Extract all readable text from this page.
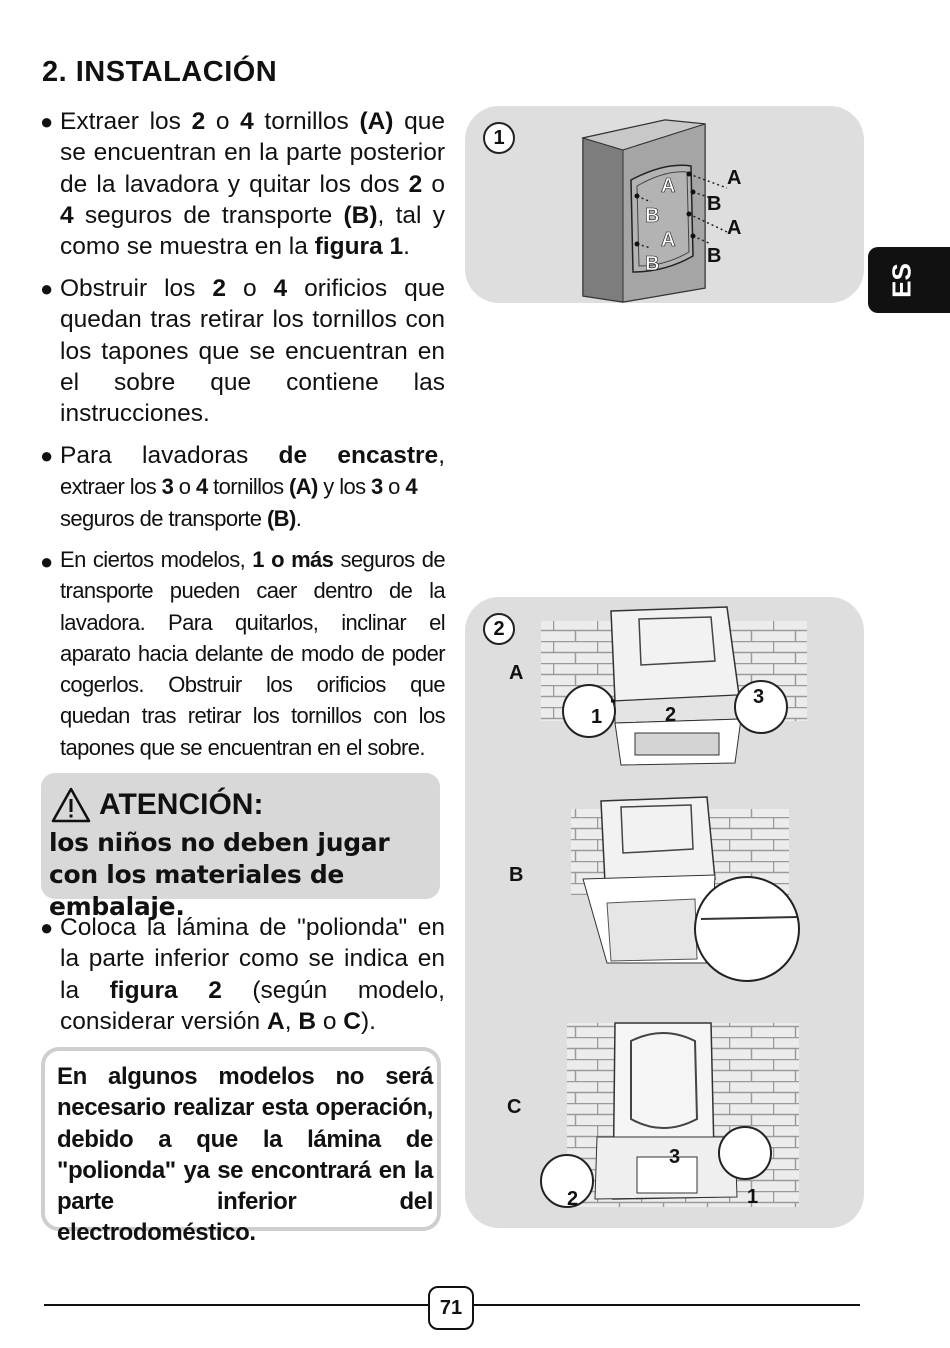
2. INSTALACIÓN
● Extraer los 2 o 4 tornillos (A) que se encuentran en la parte posterior de la lavadora y quitar los dos 2 o 4 seguros de transporte (B), tal y como se muestra en la figura 1.
● Obstruir los 2 o 4 orificios que quedan tras retirar los tornillos con los tapones que se encuentran en el sobre que contiene las instrucciones.
● Para lavadoras de encastre,
extraer los 3 o 4 tornillos (A) y los 3 o 4
seguros de transporte (B).
● En ciertos modelos, 1 o más seguros de transporte pueden caer dentro de la lavadora. Para quitarlos, inclinar el aparato hacia delante de modo de poder cogerlos. Obstruir los orificios que quedan tras retirar los tornillos con los tapones que se encuentran en el sobre.
ATENCIÓN:
los niños no deben jugar con los materiales de embalaje.
● Coloca la lámina de "polionda" en la parte inferior como se indica en la figura 2 (según modelo, considerar versión A, B o C).
En algunos modelos no será necesario realizar esta operación, debido a que la lámina de "polionda" ya se encontrará en la parte inferior del electrodoméstico.
1
A
B
A
B
A
B
A
B
2
A
1	2
3
B
C
3
2	1
ES
71
